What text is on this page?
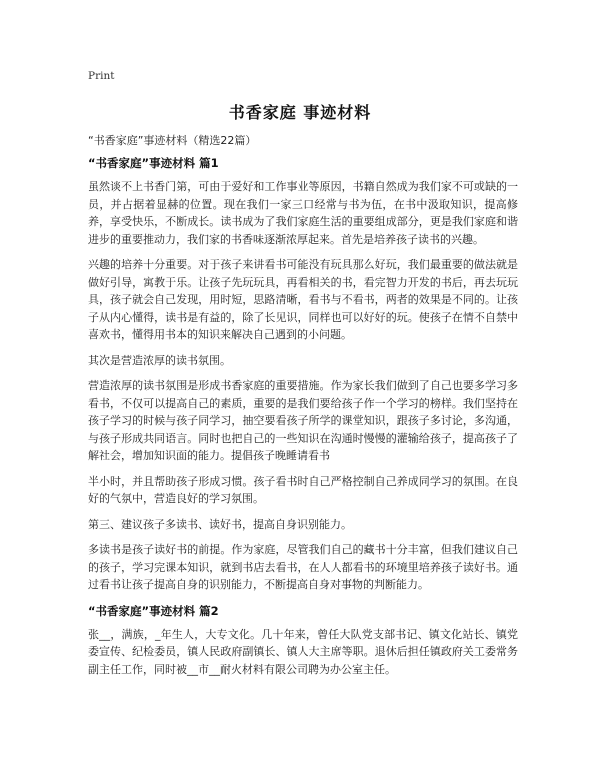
Print
书香家庭 事迹材料
“书香家庭”事迹材料（精选22篇）
“书香家庭”事迹材料 篇1

虽然谈不上书香门第，可由于爱好和工作事业等原因，书籍自然成为我们家不可或缺的一员，并占据着显赫的位置。现在我们一家三口经常与书为伍，在书中汲取知识，提高修养，享受快乐，不断成长。读书成为了我们家庭生活的重要组成部分，更是我们家庭和谐进步的重要推动力，我们家的书香味逐渐浓厚起来。首先是培养孩子读书的兴趣。

兴趣的培养十分重要。对于孩子来讲看书可能没有玩具那么好玩，我们最重要的做法就是做好引导，寓教于乐。让孩子先玩玩具，再看相关的书，看完智力开发的书后，再去玩玩具，孩子就会自己发现，用时短，思路清晰，看书与不看书，两者的效果是不同的。让孩子从内心懂得，读书是有益的，除了长见识，同样也可以好好的玩。使孩子在情不自禁中喜欢书，懂得用书本的知识来解决自己遇到的小问题。

其次是营造浓厚的读书氛围。

营造浓厚的读书氛围是形成书香家庭的重要措施。作为家长我们做到了自己也要多学习多看书，不仅可以提高自己的素质，重要的是我们要给孩子作一个学习的榜样。我们坚持在孩子学习的时候与孩子同学习，抽空要看孩子所学的课堂知识，跟孩子多讨论，多沟通，与孩子形成共同语言。同时也把自己的一些知识在沟通时慢慢的灌输给孩子，提高孩子了解社会，增加知识面的能力。提倡孩子晚睡请看书

半小时，并且帮助孩子形成习惯。孩子看书时自己严格控制自己养成同学习的氛围。在良好的气氛中，营造良好的学习氛围。

第三、建议孩子多读书、读好书，提高自身识别能力。

多读书是孩子读好书的前提。作为家庭，尽管我们自己的藏书十分丰富，但我们建议自己的孩子，学习完课本知识，就到书店去看书，在人人都看书的环境里培养孩子读好书。通过看书让孩子提高自身的识别能力，不断提高自身对事物的判断能力。

“书香家庭”事迹材料 篇2

张__，满族，_年生人，大专文化。几十年来，曾任大队党支部书记、镇文化站长、镇党委宣传、纪检委员，镇人民政府副镇长、镇人大主席等职。退休后担任镇政府关工委常务副主任工作，同时被__市__耐火材料有限公司聘为办公室主任。
